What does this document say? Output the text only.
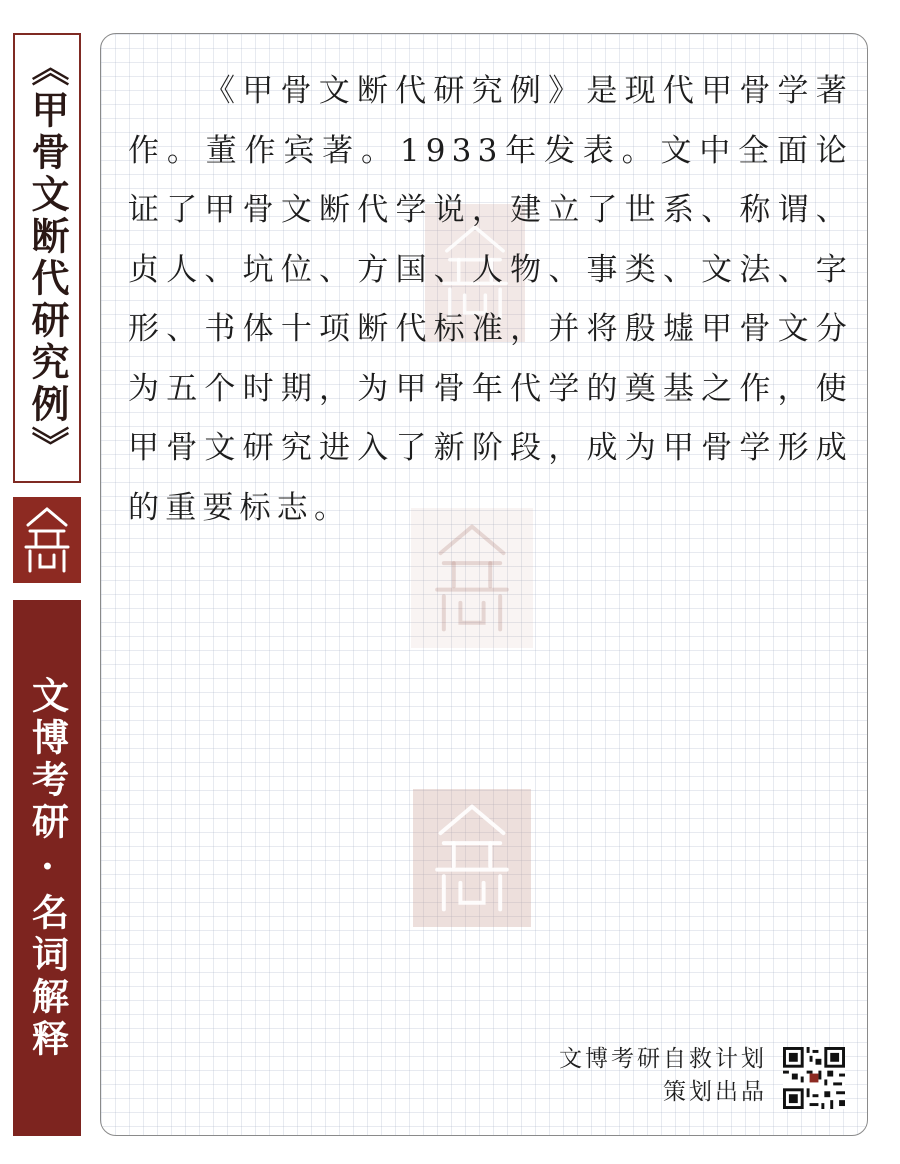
《甲骨文断代研究例》
文博考研·名词解释

《甲骨文断代研究例》是现代甲骨学著作。董作宾著。1933年发表。文中全面论证了甲骨文断代学说，建立了世系、称谓、贞人、坑位、方国、人物、事类、文法、字形、书体十项断代标准，并将殷墟甲骨文分为五个时期，为甲骨年代学的奠基之作，使甲骨文研究进入了新阶段，成为甲骨学形成的重要标志。

文博考研自救计划
策划出品
